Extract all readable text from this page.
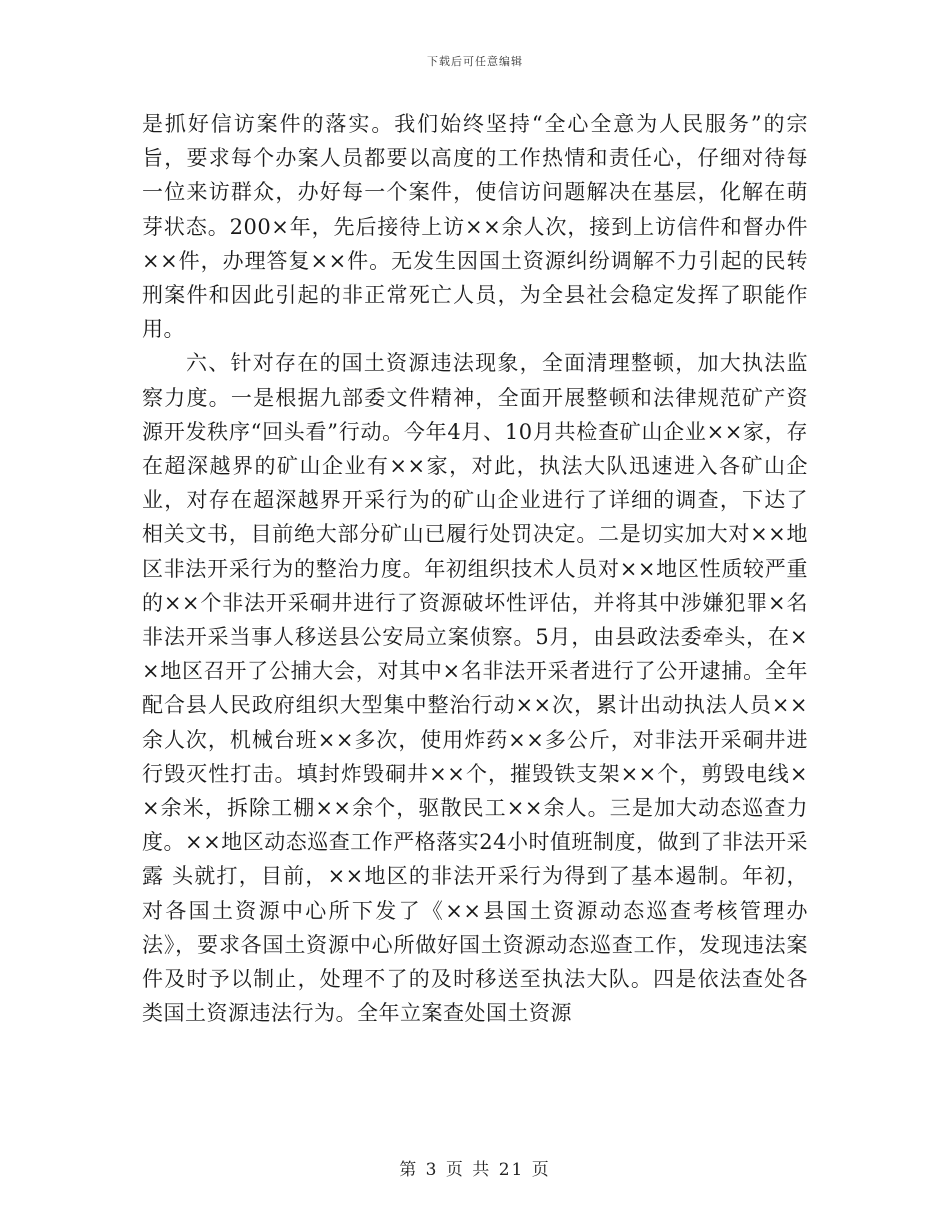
下载后可任意编辑

是抓好信访案件的落实。我们始终坚持“全心全意为人民服务”的宗旨，要求每个办案人员都要以高度的工作热情和责任心，仔细对待每一位来访群众，办好每一个案件，使信访问题解决在基层，化解在萌芽状态。200×年，先后接待上访××余人次，接到上访信件和督办件××件，办理答复××件。无发生因国土资源纠纷调解不力引起的民转刑案件和因此引起的非正常死亡人员，为全县社会稳定发挥了职能作用。

六、针对存在的国土资源违法现象，全面清理整顿，加大执法监察力度。一是根据九部委文件精神，全面开展整顿和法律规范矿产资源开发秩序“回头看”行动。今年4月、10月共检查矿山企业××家，存在超深越界的矿山企业有××家，对此，执法大队迅速进入各矿山企业，对存在超深越界开采行为的矿山企业进行了详细的调查，下达了相关文书，目前绝大部分矿山已履行处罚决定。二是切实加大对××地区非法开采行为的整治力度。年初组织技术人员对××地区性质较严重的××个非法开采硐井进行了资源破坏性评估，并将其中涉嫌犯罪×名非法开采当事人移送县公安局立案侦察。5月，由县政法委牵头，在××地区召开了公捕大会，对其中×名非法开采者进行了公开逮捕。全年配合县人民政府组织大型集中整治行动××次，累计出动执法人员××余人次，机械台班××多次，使用炸药××多公斤，对非法开采硐井进行毁灭性打击。填封炸毁硐井××个，摧毁铁支架××个，剪毁电线××余米，拆除工棚××余个，驱散民工××余人。三是加大动态巡查力度。××地区动态巡查工作严格落实24小时值班制度，做到了非法开采露 头就打，目前，××地区的非法开采行为得到了基本遏制。年初，对各国土资源中心所下发了《××县国土资源动态巡查考核管理办法》，要求各国土资源中心所做好国土资源动态巡查工作，发现违法案件及时予以制止，处理不了的及时移送至执法大队。四是依法查处各类国土资源违法行为。全年立案查处国土资源

第 3 页 共 21 页
